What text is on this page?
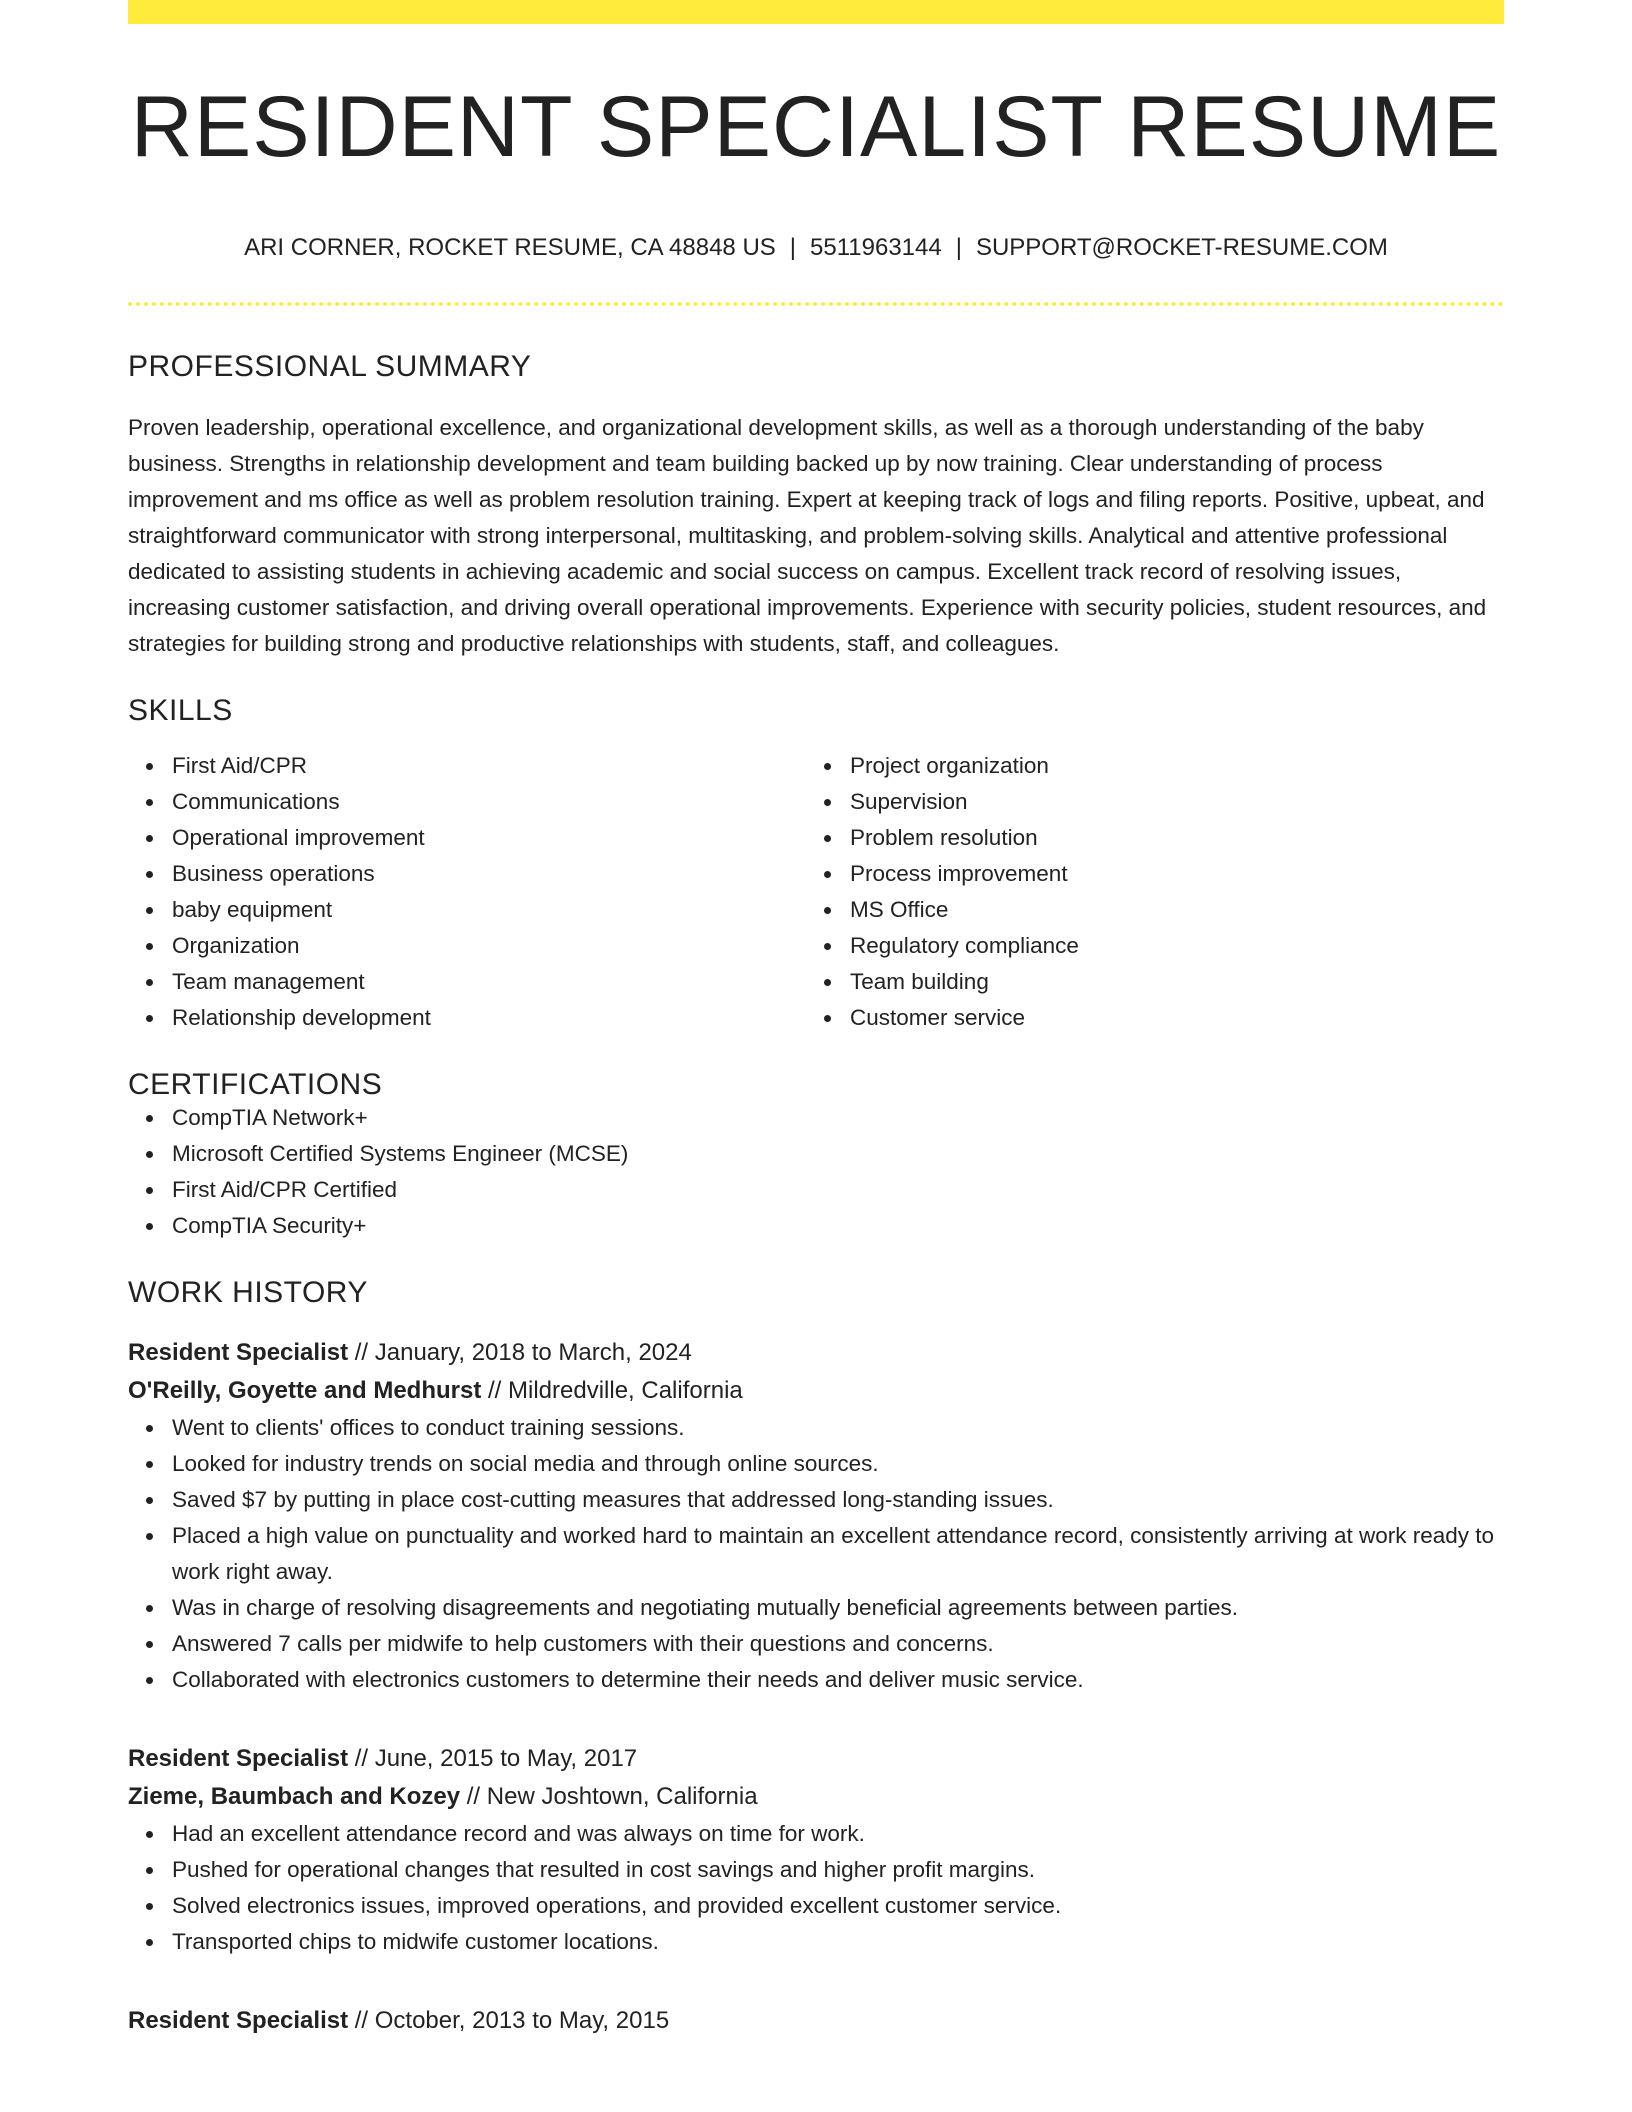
RESIDENT SPECIALIST RESUME
ARI CORNER, ROCKET RESUME, CA 48848 US | 5511963144 | SUPPORT@ROCKET-RESUME.COM
PROFESSIONAL SUMMARY

Proven leadership, operational excellence, and organizational development skills, as well as a thorough understanding of the baby business. Strengths in relationship development and team building backed up by now training. Clear understanding of process improvement and ms office as well as problem resolution training. Expert at keeping track of logs and filing reports. Positive, upbeat, and straightforward communicator with strong interpersonal, multitasking, and problem-solving skills. Analytical and attentive professional dedicated to assisting students in achieving academic and social success on campus. Excellent track record of resolving issues, increasing customer satisfaction, and driving overall operational improvements. Experience with security policies, student resources, and strategies for building strong and productive relationships with students, staff, and colleagues.

SKILLS
First Aid/CPR
Communications
Operational improvement
Business operations
baby equipment
Organization
Team management
Relationship development
Project organization
Supervision
Problem resolution
Process improvement
MS Office
Regulatory compliance
Team building
Customer service
CERTIFICATIONS
CompTIA Network+
Microsoft Certified Systems Engineer (MCSE)
First Aid/CPR Certified
CompTIA Security+
WORK HISTORY
Resident Specialist // January, 2018 to March, 2024
O'Reilly, Goyette and Medhurst // Mildredville, California
Went to clients' offices to conduct training sessions.
Looked for industry trends on social media and through online sources.
Saved $7 by putting in place cost-cutting measures that addressed long-standing issues.
Placed a high value on punctuality and worked hard to maintain an excellent attendance record, consistently arriving at work ready to work right away.
Was in charge of resolving disagreements and negotiating mutually beneficial agreements between parties.
Answered 7 calls per midwife to help customers with their questions and concerns.
Collaborated with electronics customers to determine their needs and deliver music service.
Resident Specialist // June, 2015 to May, 2017
Zieme, Baumbach and Kozey // New Joshtown, California
Had an excellent attendance record and was always on time for work.
Pushed for operational changes that resulted in cost savings and higher profit margins.
Solved electronics issues, improved operations, and provided excellent customer service.
Transported chips to midwife customer locations.
Resident Specialist // October, 2013 to May, 2015
